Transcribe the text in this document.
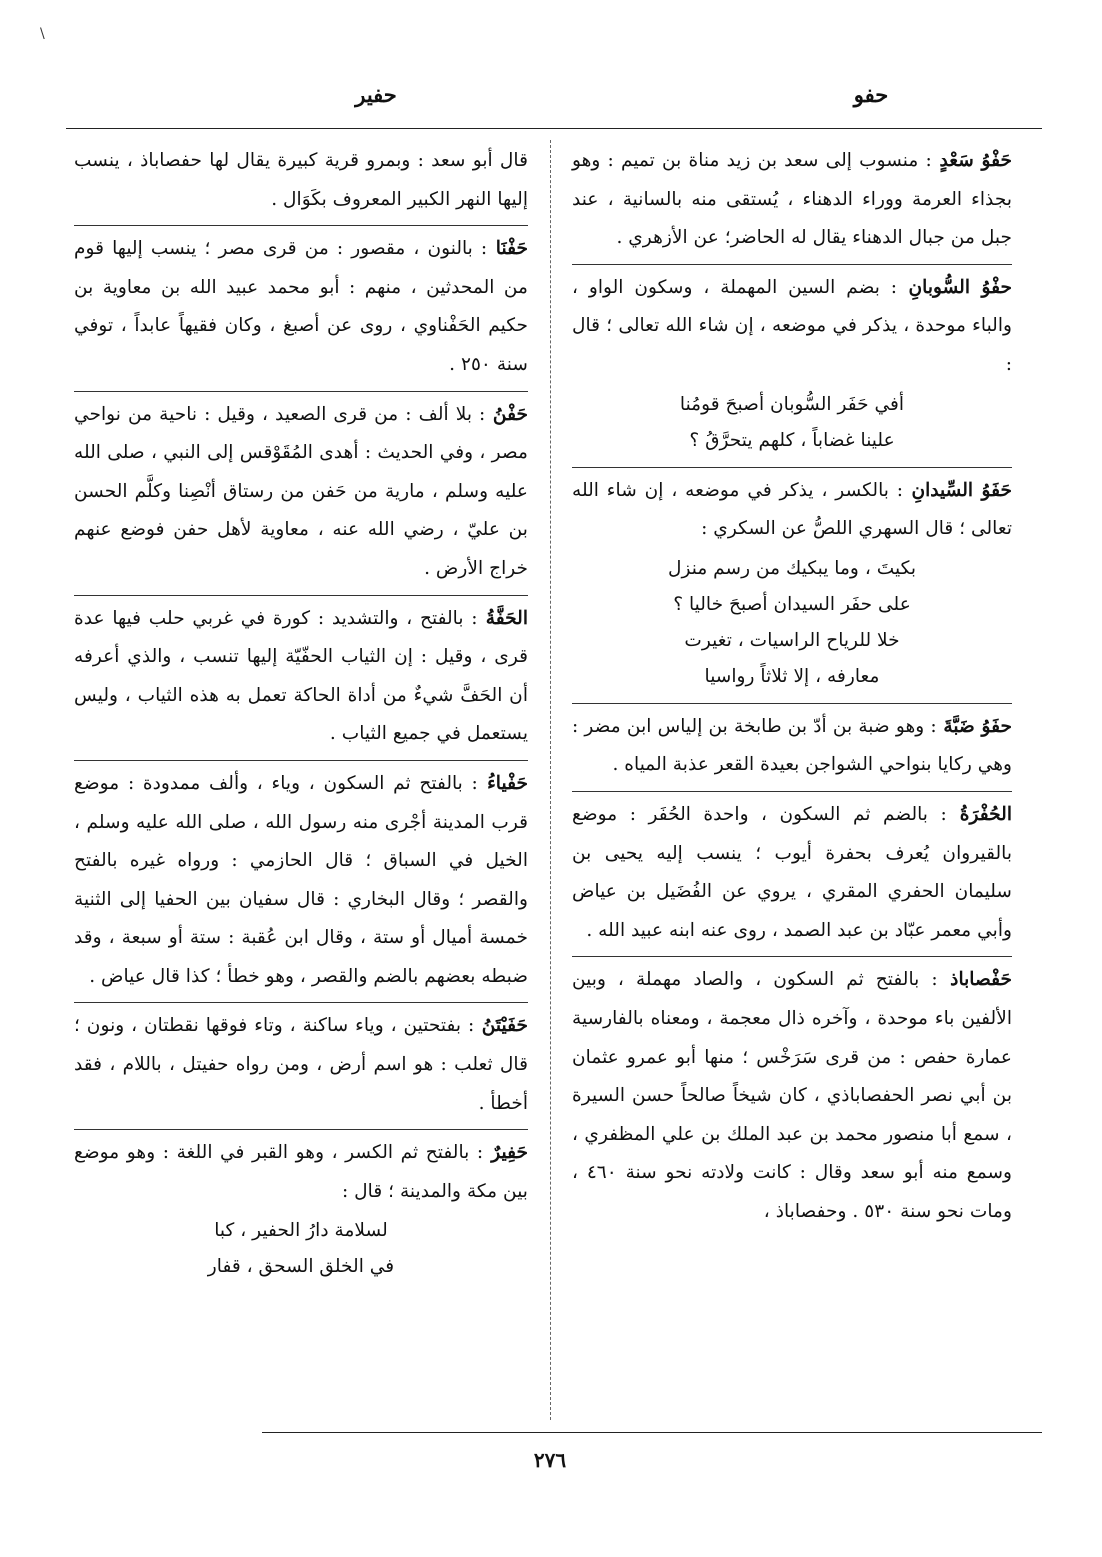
\
حفو
حفير
حَفْوُ سَعْدٍ : منسوب إلى سعد بن زيد مناة بن تميم : وهو بجذاء العرمة ووراء الدهناء ، يُستقى منه بالسانية ، عند جبل من جبال الدهناء يقال له الحاضر؛ عن الأزهري .
حفْوُ السُّوبانِ : بضم السين المهملة ، وسكون الواو ، والباء موحدة ، يذكر في موضعه ، إن شاء الله تعالى ؛ قال :
أفي حَفَر السُّوبان أصبحَ قومُنا
علينا غضاباً ، كلهم يتحرَّقُ ؟
حَفَوُ السِّيدانِ : بالكسر ، يذكر في موضعه ، إن شاء الله تعالى ؛ قال السهري اللصُّ عن السكري :
بكيتَ ، وما يبكيك من رسم منزل
على حفَر السيدان أصبحَ خاليا ؟
خلا للرياح الراسيات ، تغيرت
معارفه ، إلا ثلاثاً رواسيا
حفَوُ ضَبَّةَ : وهو ضبة بن أدّ بن طابخة بن إلياس ابن مضر : وهي ركايا بنواحي الشواجن بعيدة القعر عذبة المياه .
الحُفْرَةُ : بالضم ثم السكون ، واحدة الحُفَر : موضع بالقيروان يُعرف بحفرة أيوب ؛ ينسب إليه يحيى بن سليمان الحفري المقري ، يروي عن الفُضَيل بن عياض وأبي معمر عبّاد بن عبد الصمد ، روى عنه ابنه عبيد الله .
حَفْصاباذ : بالفتح ثم السكون ، والصاد مهملة ، وبين الألفين باء موحدة ، وآخره ذال معجمة ، ومعناه بالفارسية عمارة حفص : من قرى سَرَخْس ؛ منها أبو عمرو عثمان بن أبي نصر الحفصاباذي ، كان شيخاً صالحاً حسن السيرة ، سمع أبا منصور محمد بن عبد الملك بن علي المظفري ، وسمع منه أبو سعد وقال : كانت ولادته نحو سنة ٤٦٠ ، ومات نحو سنة ٥٣٠ . وحفصاباذ ،
قال أبو سعد : وبمرو قرية كبيرة يقال لها حفصاباذ ، ينسب إليها النهر الكبير المعروف بكَوَال .
حَفْنَا : بالنون ، مقصور : من قرى مصر ؛ ينسب إليها قوم من المحدثين ، منهم : أبو محمد عبيد الله بن معاوية بن حكيم الحَفْناوي ، روى عن أصبغ ، وكان فقيهاً عابداً ، توفي سنة ٢٥٠ .
حَفْنُ : بلا ألف : من قرى الصعيد ، وقيل : ناحية من نواحي مصر ، وفي الحديث : أهدى المُقَوْقس إلى النبي ، صلى الله عليه وسلم ، مارية من حَفن من رستاق أنْصِنا وكلَّم الحسن بن عليّ ، رضي الله عنه ، معاوية لأهل حفن فوضع عنهم خراج الأرض .
الحَفَّةُ : بالفتح ، والتشديد : كورة في غربي حلب فيها عدة قرى ، وقيل : إن الثياب الحفّيّة إليها تنسب ، والذي أعرفه أن الحَفَّ شيءٌ من أداة الحاكة تعمل به هذه الثياب ، وليس يستعمل في جميع الثياب .
حَفْياءُ : بالفتح ثم السكون ، وياء ، وألف ممدودة : موضع قرب المدينة أجْرى منه رسول الله ، صلى الله عليه وسلم ، الخيل في السباق ؛ قال الحازمي : ورواه غيره بالفتح والقصر ؛ وقال البخاري : قال سفيان بين الحفيا إلى الثنية خمسة أميال أو ستة ، وقال ابن عُقبة : ستة أو سبعة ، وقد ضبطه بعضهم بالضم والقصر ، وهو خطأ ؛ كذا قال عياض .
حَفَيْتَنُ : بفتحتين ، وياء ساكنة ، وتاء فوقها نقطتان ، ونون ؛ قال ثعلب : هو اسم أرض ، ومن رواه حفيتل ، باللام ، فقد أخطأ .
حَفِيرٌ : بالفتح ثم الكسر ، وهو القبر في اللغة : وهو موضع بين مكة والمدينة ؛ قال :
لسلامة دارُ الحفير ، كبا
في الخلق السحق ، قفار
٢٧٦
